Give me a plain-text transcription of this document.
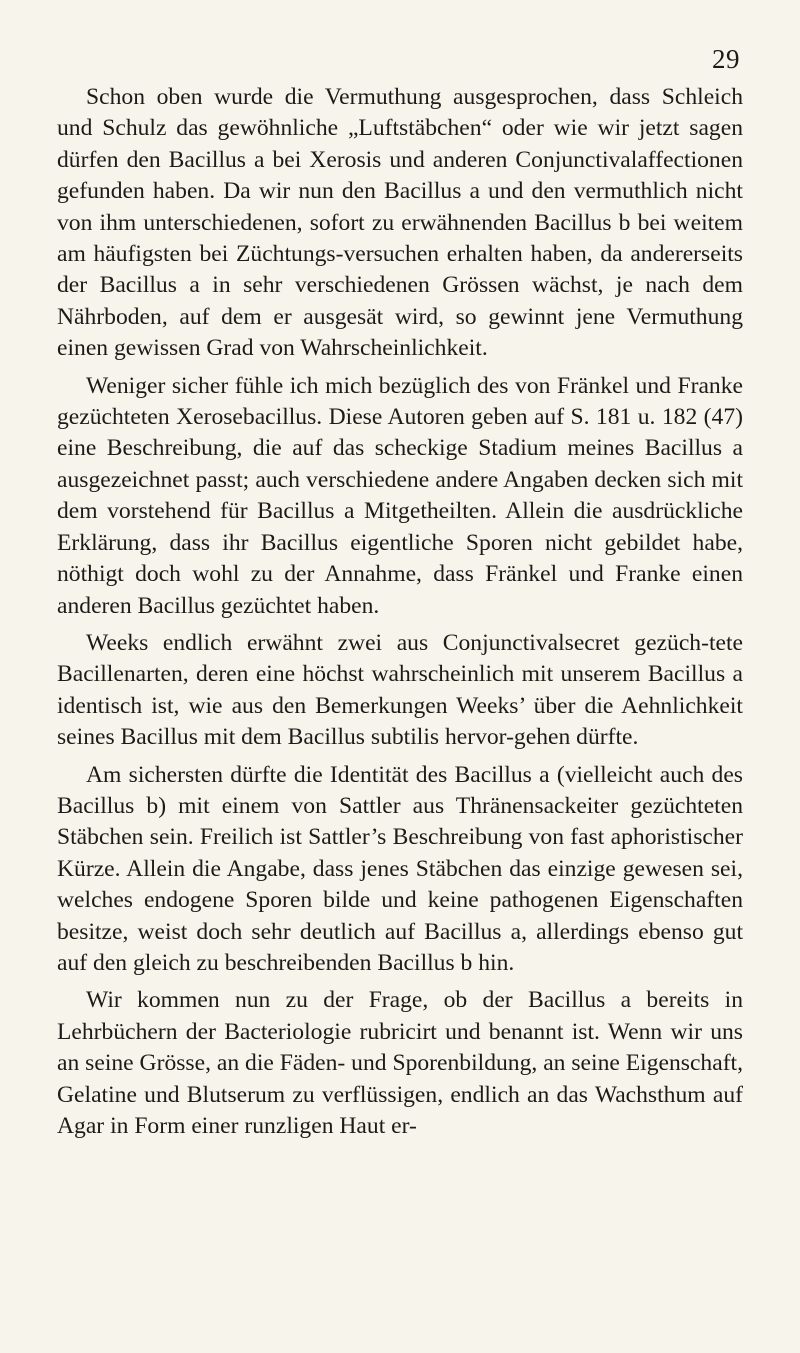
29

Schon oben wurde die Vermuthung ausgesprochen, dass Schleich und Schulz das gewöhnliche „Luftstäbchen“ oder wie wir jetzt sagen dürfen den Bacillus a bei Xerosis und anderen Conjunctivalaffectionen gefunden haben. Da wir nun den Bacillus a und den vermuthlich nicht von ihm unterschiedenen, sofort zu erwähnenden Bacillus b bei weitem am häufigsten bei Züchtungs-versuchen erhalten haben, da andererseits der Bacillus a in sehr verschiedenen Grössen wächst, je nach dem Nährboden, auf dem er ausgesät wird, so gewinnt jene Vermuthung einen gewissen Grad von Wahrscheinlichkeit.

Weniger sicher fühle ich mich bezüglich des von Fränkel und Franke gezüchteten Xerosebacillus. Diese Autoren geben auf S. 181 u. 182 (47) eine Beschreibung, die auf das scheckige Stadium meines Bacillus a ausgezeichnet passt; auch verschiedene andere Angaben decken sich mit dem vorstehend für Bacillus a Mitgetheilten. Allein die ausdrückliche Erklärung, dass ihr Bacillus eigentliche Sporen nicht gebildet habe, nöthigt doch wohl zu der Annahme, dass Fränkel und Franke einen anderen Bacillus gezüchtet haben.

Weeks endlich erwähnt zwei aus Conjunctivalsecret gezüch-tete Bacillenarten, deren eine höchst wahrscheinlich mit unserem Bacillus a identisch ist, wie aus den Bemerkungen Weeks’ über die Aehnlichkeit seines Bacillus mit dem Bacillus subtilis hervor-gehen dürfte.

Am sichersten dürfte die Identität des Bacillus a (vielleicht auch des Bacillus b) mit einem von Sattler aus Thränensackeiter gezüchteten Stäbchen sein. Freilich ist Sattler’s Beschreibung von fast aphoristischer Kürze. Allein die Angabe, dass jenes Stäbchen das einzige gewesen sei, welches endogene Sporen bilde und keine pathogenen Eigenschaften besitze, weist doch sehr deutlich auf Bacillus a, allerdings ebenso gut auf den gleich zu beschreibenden Bacillus b hin.

Wir kommen nun zu der Frage, ob der Bacillus a bereits in Lehrbüchern der Bacteriologie rubricirt und benannt ist. Wenn wir uns an seine Grösse, an die Fäden- und Sporenbildung, an seine Eigenschaft, Gelatine und Blutserum zu verflüssigen, endlich an das Wachsthum auf Agar in Form einer runzligen Haut er-
